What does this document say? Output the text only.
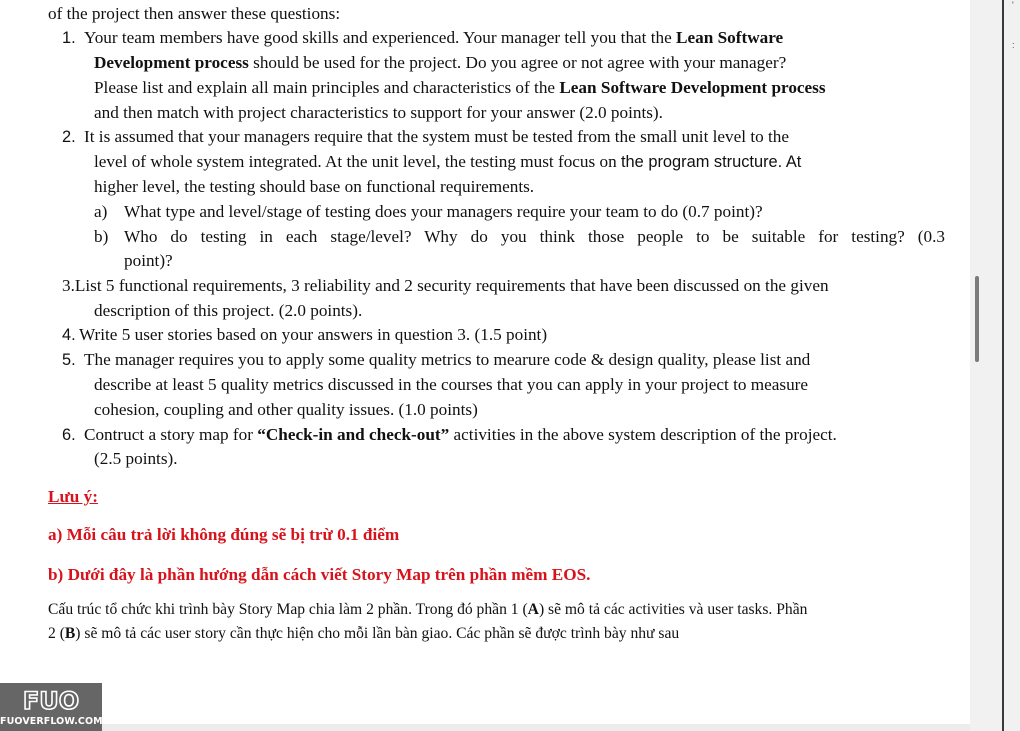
of the project then answer these questions:
1. Your team members have good skills and experienced. Your manager tell you that the Lean Software
Development process should be used for the project. Do you agree or not agree with your manager?
Please list and explain all main principles and characteristics of the Lean Software Development process
and then match with project characteristics to support for your answer (2.0 points).
2. It is assumed that your managers require that the system must be tested from the small unit level to the
level of whole system integrated. At the unit level, the testing must focus on the program structure. At
higher level, the testing should base on functional requirements.
a) What type and level/stage of testing does your managers require your team to do (0.7 point)?
b) Who do testing in each stage/level? Why do you think those people to be suitable for testing? (0.3
point)?
3.List 5 functional requirements, 3 reliability and 2 security requirements that have been discussed on the given
description of this project. (2.0 points).
4. Write 5 user stories based on your answers in question 3. (1.5 point)
5. The manager requires you to apply some quality metrics to mearure code & design quality, please list and
describe at least 5 quality metrics discussed in the courses that you can apply in your project to measure
cohesion, coupling and other quality issues. (1.0 points)
6. Contruct a story map for “Check-in and check-out” activities in the above system description of the project.
(2.5 points).
Lưu ý:
a) Mỗi câu trả lời không đúng sẽ bị trừ 0.1 điểm
b) Dưới đây là phần hướng dẫn cách viết Story Map trên phần mềm EOS.
Cấu trúc tổ chức khi trình bày Story Map chia làm 2 phần. Trong đó phần 1 (A) sẽ mô tả các activities và user tasks. Phần
2 (B) sẽ mô tả các user story cần thực hiện cho mỗi lần bàn giao. Các phần sẽ được trình bày như sau
'
:
FUO
FUOVERFLOW.COM
